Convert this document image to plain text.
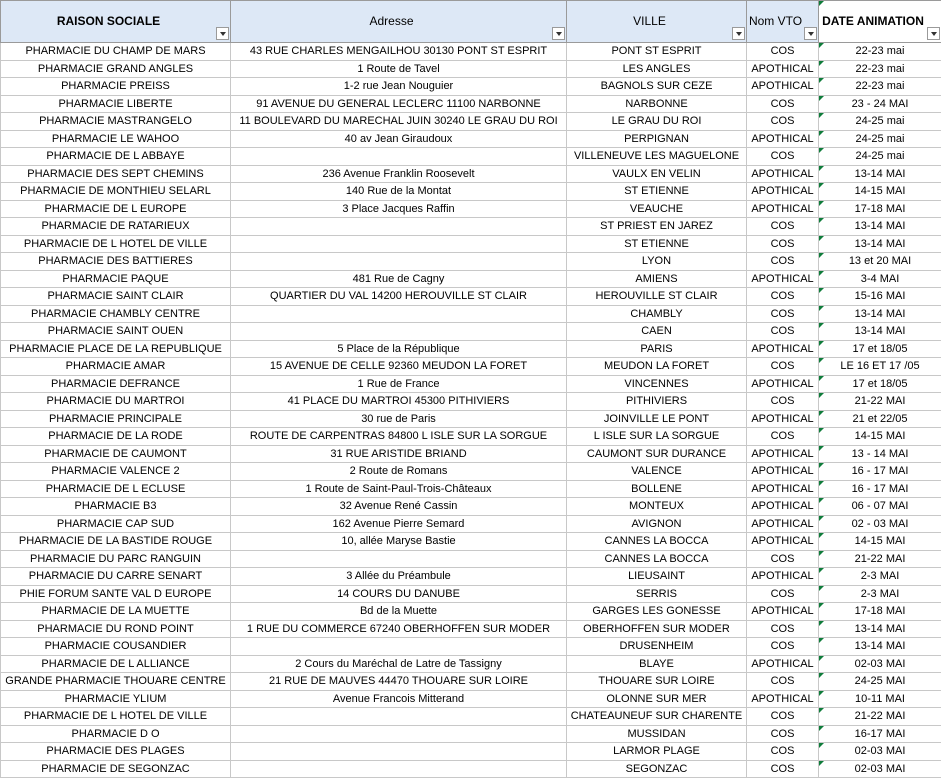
RAISON SOCIALE	Adresse	VILLE	Nom VTO	DATE ANIMATION

PHARMACIE DU CHAMP DE MARS	43 RUE CHARLES MENGAILHOU 30130 PONT ST ESPRIT	PONT ST ESPRIT	COS	22-23 mai
PHARMACIE GRAND ANGLES	1 Route de Tavel	LES ANGLES	APOTHICAL	22-23 mai
PHARMACIE PREISS	1-2 rue Jean Nouguier	BAGNOLS SUR CEZE	APOTHICAL	22-23 mai
PHARMACIE LIBERTE	91 AVENUE DU GENERAL LECLERC 11100 NARBONNE	NARBONNE	COS	23 - 24 MAI
PHARMACIE MASTRANGELO	11 BOULEVARD DU MARECHAL JUIN 30240 LE GRAU DU ROI	LE GRAU DU ROI	COS	24-25 mai
PHARMACIE LE WAHOO	40 av Jean Giraudoux	PERPIGNAN	APOTHICAL	24-25 mai
PHARMACIE DE L ABBAYE		VILLENEUVE LES MAGUELONE	COS	24-25 mai
PHARMACIE DES SEPT CHEMINS	236 Avenue Franklin Roosevelt	VAULX EN VELIN	APOTHICAL	13-14 MAI
PHARMACIE DE MONTHIEU SELARL	140 Rue de la Montat	ST ETIENNE	APOTHICAL	14-15 MAI
PHARMACIE DE L EUROPE	3 Place Jacques Raffin	VEAUCHE	APOTHICAL	17-18 MAI
PHARMACIE DE RATARIEUX		ST PRIEST EN JAREZ	COS	13-14 MAI
PHARMACIE DE L HOTEL DE VILLE		ST ETIENNE	COS	13-14 MAI
PHARMACIE DES BATTIERES		LYON	COS	13 et 20 MAI
PHARMACIE PAQUE	481 Rue de Cagny	AMIENS	APOTHICAL	3-4 MAI
PHARMACIE SAINT CLAIR	QUARTIER DU VAL 14200 HEROUVILLE ST CLAIR	HEROUVILLE ST CLAIR	COS	15-16 MAI
PHARMACIE CHAMBLY CENTRE		CHAMBLY	COS	13-14 MAI
PHARMACIE SAINT OUEN		CAEN	COS	13-14 MAI
PHARMACIE PLACE DE LA REPUBLIQUE	5 Place de la République	PARIS	APOTHICAL	17 et 18/05
PHARMACIE AMAR	15 AVENUE DE CELLE 92360 MEUDON LA FORET	MEUDON LA FORET	COS	LE 16 ET 17 /05
PHARMACIE DEFRANCE	1 Rue de France	VINCENNES	APOTHICAL	17 et 18/05
PHARMACIE DU MARTROI	41 PLACE DU MARTROI 45300 PITHIVIERS	PITHIVIERS	COS	21-22 MAI
PHARMACIE PRINCIPALE	30 rue de Paris	JOINVILLE LE PONT	APOTHICAL	21 et 22/05
PHARMACIE DE LA RODE	ROUTE DE CARPENTRAS 84800 L ISLE SUR LA SORGUE	L ISLE SUR LA SORGUE	COS	14-15 MAI
PHARMACIE DE CAUMONT	31 RUE ARISTIDE BRIAND	CAUMONT SUR DURANCE	APOTHICAL	13 - 14 MAI
PHARMACIE VALENCE 2	2 Route de Romans	VALENCE	APOTHICAL	16 - 17 MAI
PHARMACIE DE L ECLUSE	1 Route de Saint-Paul-Trois-Châteaux	BOLLENE	APOTHICAL	16 - 17 MAI
PHARMACIE B3	32 Avenue René Cassin	MONTEUX	APOTHICAL	06 - 07 MAI
PHARMACIE CAP SUD	162 Avenue Pierre Semard	AVIGNON	APOTHICAL	02 - 03 MAI
PHARMACIE DE LA BASTIDE ROUGE	10, allée Maryse Bastie	CANNES LA BOCCA	APOTHICAL	14-15 MAI
PHARMACIE DU PARC RANGUIN		CANNES LA BOCCA	COS	21-22 MAI
PHARMACIE DU CARRE SENART	3 Allée du Préambule	LIEUSAINT	APOTHICAL	2-3 MAI
PHIE FORUM SANTE VAL D EUROPE	14 COURS DU DANUBE	SERRIS	COS	2-3 MAI
PHARMACIE DE LA MUETTE	Bd de la Muette	GARGES LES GONESSE	APOTHICAL	17-18 MAI
PHARMACIE DU ROND POINT	1 RUE DU COMMERCE 67240 OBERHOFFEN SUR MODER	OBERHOFFEN SUR MODER	COS	13-14 MAI
PHARMACIE COUSANDIER		DRUSENHEIM	COS	13-14 MAI
PHARMACIE DE L ALLIANCE	2 Cours du Maréchal de Latre de Tassigny	BLAYE	APOTHICAL	02-03 MAI
GRANDE PHARMACIE THOUARE CENTRE	21 RUE DE MAUVES 44470 THOUARE SUR LOIRE	THOUARE SUR LOIRE	COS	24-25 MAI
PHARMACIE YLIUM	Avenue Francois Mitterand	OLONNE SUR MER	APOTHICAL	10-11 MAI
PHARMACIE DE L HOTEL DE VILLE		CHATEAUNEUF SUR CHARENTE	COS	21-22 MAI
PHARMACIE D O		MUSSIDAN	COS	16-17 MAI
PHARMACIE DES PLAGES		LARMOR PLAGE	COS	02-03 MAI
PHARMACIE DE SEGONZAC		SEGONZAC	COS	02-03 MAI
